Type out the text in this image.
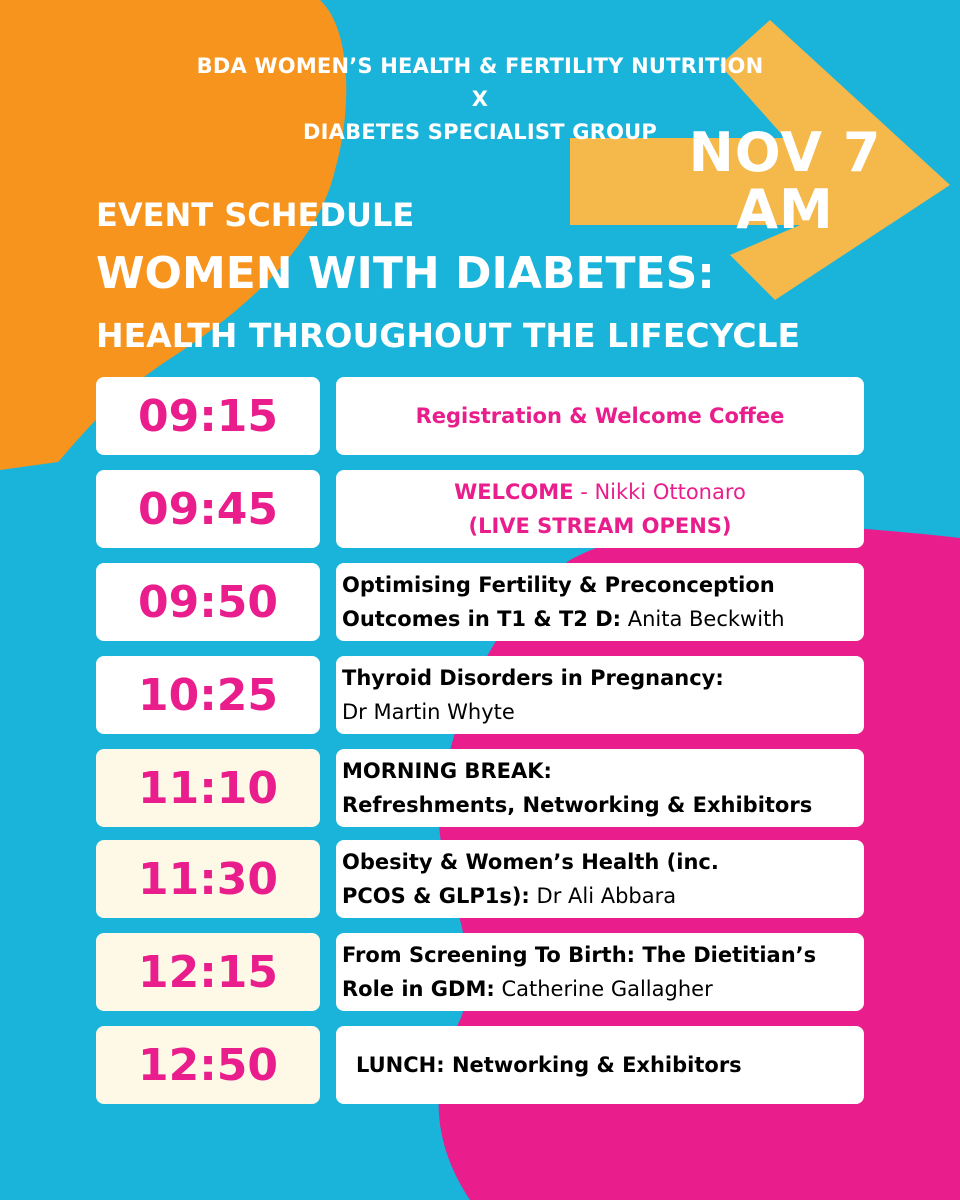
BDA WOMEN’S HEALTH & FERTILITY NUTRITION
X
DIABETES SPECIALIST GROUP NOV 7
AM
EVENT SCHEDULE
WOMEN WITH DIABETES:
HEALTH THROUGHOUT THE LIFECYCLE
09:15	Registration & Welcome Coffee
09:45	WELCOME - Nikki Ottonaro
(LIVE STREAM OPENS)
09:50	Optimising Fertility & Preconception
Outcomes in T1 & T2 D: Anita Beckwith
10:25	Thyroid Disorders in Pregnancy:
Dr Martin Whyte
11:10	MORNING BREAK:
Refreshments, Networking & Exhibitors
11:30	Obesity & Women’s Health (inc.
PCOS & GLP1s): Dr Ali Abbara
12:15	From Screening To Birth: The Dietitian’s
Role in GDM: Catherine Gallagher
12:50	LUNCH: Networking & Exhibitors
